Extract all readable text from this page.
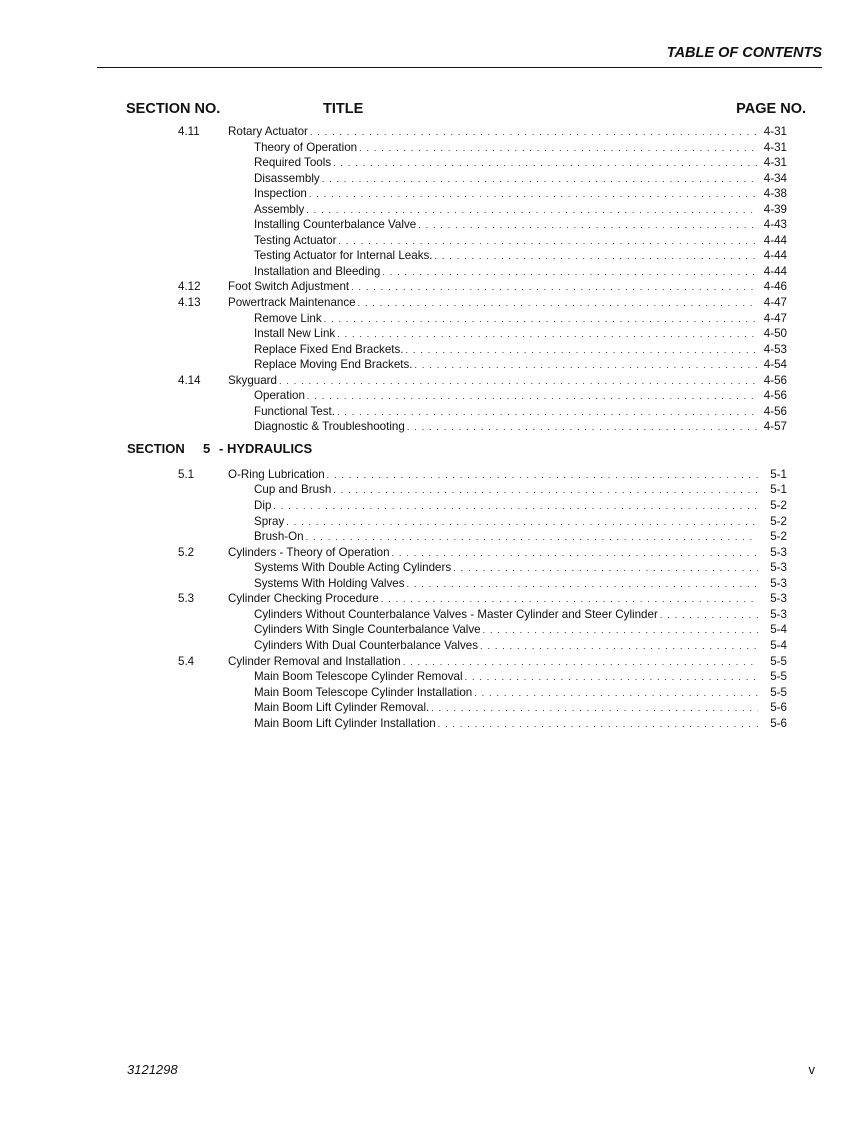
TABLE OF CONTENTS
SECTION NO.	TITLE	PAGE NO.
4.11 Rotary Actuator . . .	4-31
Theory of Operation . . .	4-31
Required Tools . . .	4-31
Disassembly . . .	4-34
Inspection . . .	4-38
Assembly . . .	4-39
Installing Counterbalance Valve . . .	4-43
Testing Actuator . . .	4-44
Testing Actuator for Internal Leaks. . . .	4-44
Installation and Bleeding . . .	4-44
4.12 Foot Switch Adjustment . . .	4-46
4.13 Powertrack Maintenance . . .	4-47
Remove Link . . .	4-47
Install New Link . . .	4-50
Replace Fixed End Brackets. . . .	4-53
Replace Moving End Brackets. . . .	4-54
4.14 Skyguard . . .	4-56
Operation . . .	4-56
Functional Test. . . .	4-56
Diagnostic & Troubleshooting . . .	4-57
SECTION 5 - HYDRAULICS
5.1	O-Ring Lubrication . . .	5-1
Cup and Brush . . .	5-1
Dip . . .	5-2
Spray . . .	5-2
Brush-On . . .	5-2
5.2	Cylinders - Theory of Operation . . .	5-3
Systems With Double Acting Cylinders . . .	5-3
Systems With Holding Valves . . .	5-3
5.3	Cylinder Checking Procedure . . .	5-3
Cylinders Without Counterbalance Valves - Master Cylinder and Steer Cylinder . . .	5-3
Cylinders With Single Counterbalance Valve . . .	5-4
Cylinders With Dual Counterbalance Valves . . .	5-4
5.4	Cylinder Removal and Installation . . .	5-5
Main Boom Telescope Cylinder Removal . . .	5-5
Main Boom Telescope Cylinder Installation . . .	5-5
Main Boom Lift Cylinder Removal. . . .	5-6
Main Boom Lift Cylinder Installation . . .	5-6
3121298	v
